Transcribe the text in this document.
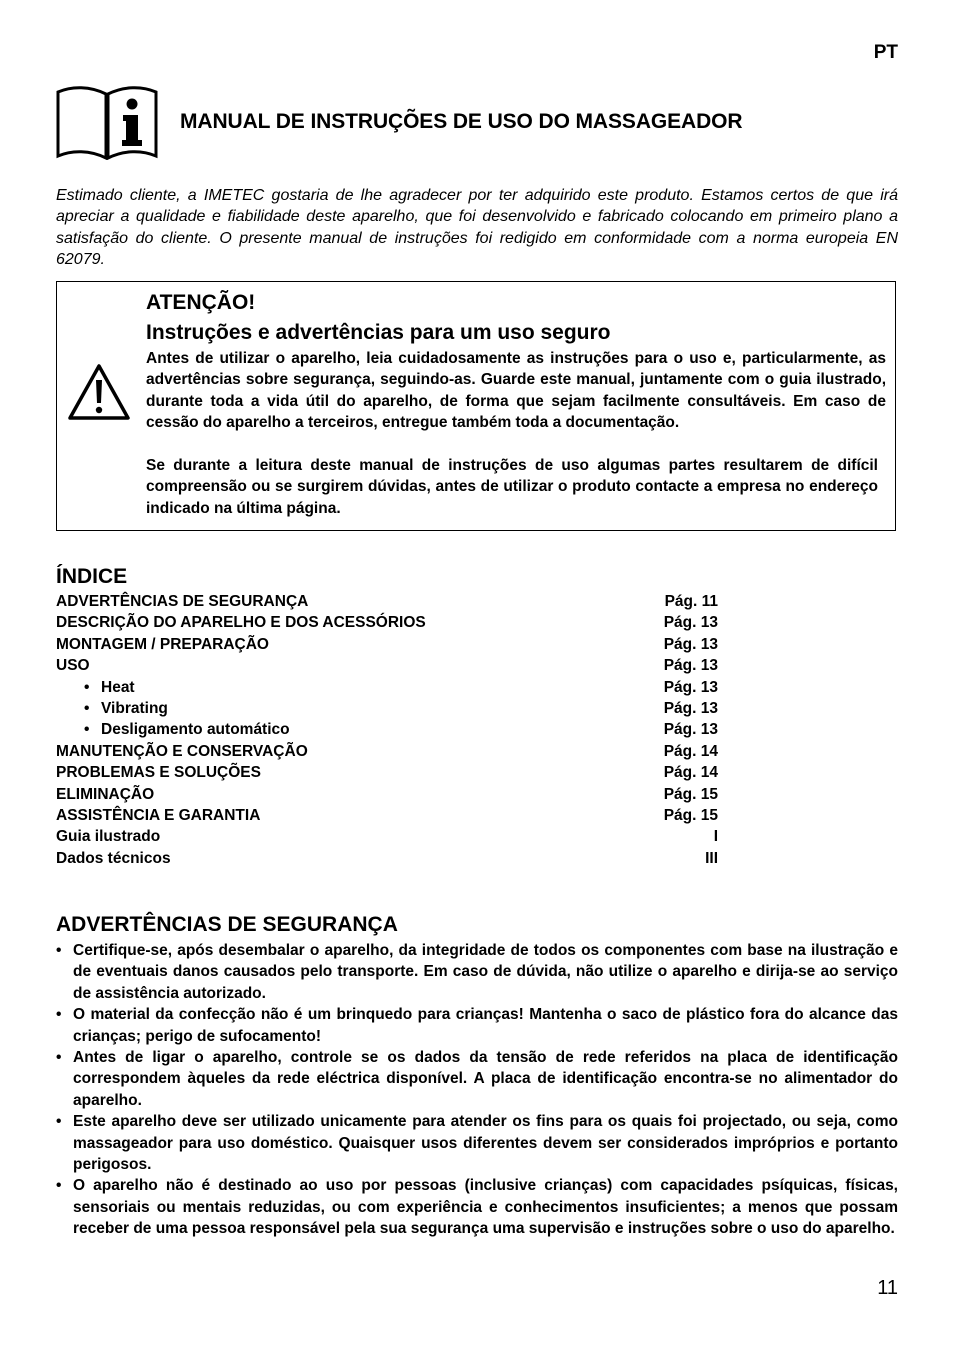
PT
MANUAL DE INSTRUÇÕES DE USO DO MASSAGEADOR

Estimado cliente, a IMETEC gostaria de lhe agradecer por ter adquirido este produto. Estamos certos de que irá apreciar a qualidade e fiabilidade deste aparelho, que foi desenvolvido e fabricado colocando em primeiro plano a satisfação do cliente. O presente manual de instruções foi redigido em conformidade com a norma europeia EN 62079.

ATENÇÃO!
Instruções e advertências para um uso seguro

Antes de utilizar o aparelho, leia cuidadosamente as instruções para o uso e, particularmente, as advertências sobre segurança, seguindo-as. Guarde este manual, juntamente com o guia ilustrado, durante toda a vida útil do aparelho, de forma que sejam facilmente consultáveis. Em caso de cessão do aparelho a terceiros, entregue também toda a documentação.

Se durante a leitura deste manual de instruções de uso algumas partes resultarem de difícil compreensão ou se surgirem dúvidas, antes de utilizar o produto contacte a empresa no endereço indicado na última página.

ÍNDICE
ADVERTÊNCIAS DE SEGURANÇA	Pág. 11
DESCRIÇÃO DO APARELHO E DOS ACESSÓRIOS	Pág. 13
MONTAGEM / PREPARAÇÃO	Pág. 13
USO	Pág. 13
• Heat	Pág. 13
• Vibrating	Pág. 13
• Desligamento automático	Pág. 13
MANUTENÇÃO E CONSERVAÇÃO	Pág. 14
PROBLEMAS E SOLUÇÕES	Pág. 14
ELIMINAÇÃO	Pág. 15
ASSISTÊNCIA E GARANTIA	Pág. 15
Guia ilustrado	I
Dados técnicos	III
ADVERTÊNCIAS DE SEGURANÇA
• Certifique-se, após desembalar o aparelho, da integridade de todos os componentes com base na ilustração e de eventuais danos causados pelo transporte. Em caso de dúvida, não utilize o aparelho e dirija-se ao serviço de assistência autorizado.
• O material da confecção não é um brinquedo para crianças! Mantenha o saco de plástico fora do alcance das crianças; perigo de sufocamento!
• Antes de ligar o aparelho, controle se os dados da tensão de rede referidos na placa de identificação correspondem àqueles da rede eléctrica disponível. A placa de identificação encontra-se no alimentador do aparelho.
• Este aparelho deve ser utilizado unicamente para atender os fins para os quais foi projectado, ou seja, como massageador para uso doméstico. Quaisquer usos diferentes devem ser considerados impróprios e portanto perigosos.
• O aparelho não é destinado ao uso por pessoas (inclusive crianças) com capacidades psíquicas, físicas, sensoriais ou mentais reduzidas, ou com experiência e conhecimentos insuficientes; a menos que possam receber de uma pessoa responsável pela sua segurança uma supervisão e instruções sobre o uso do aparelho.
11
